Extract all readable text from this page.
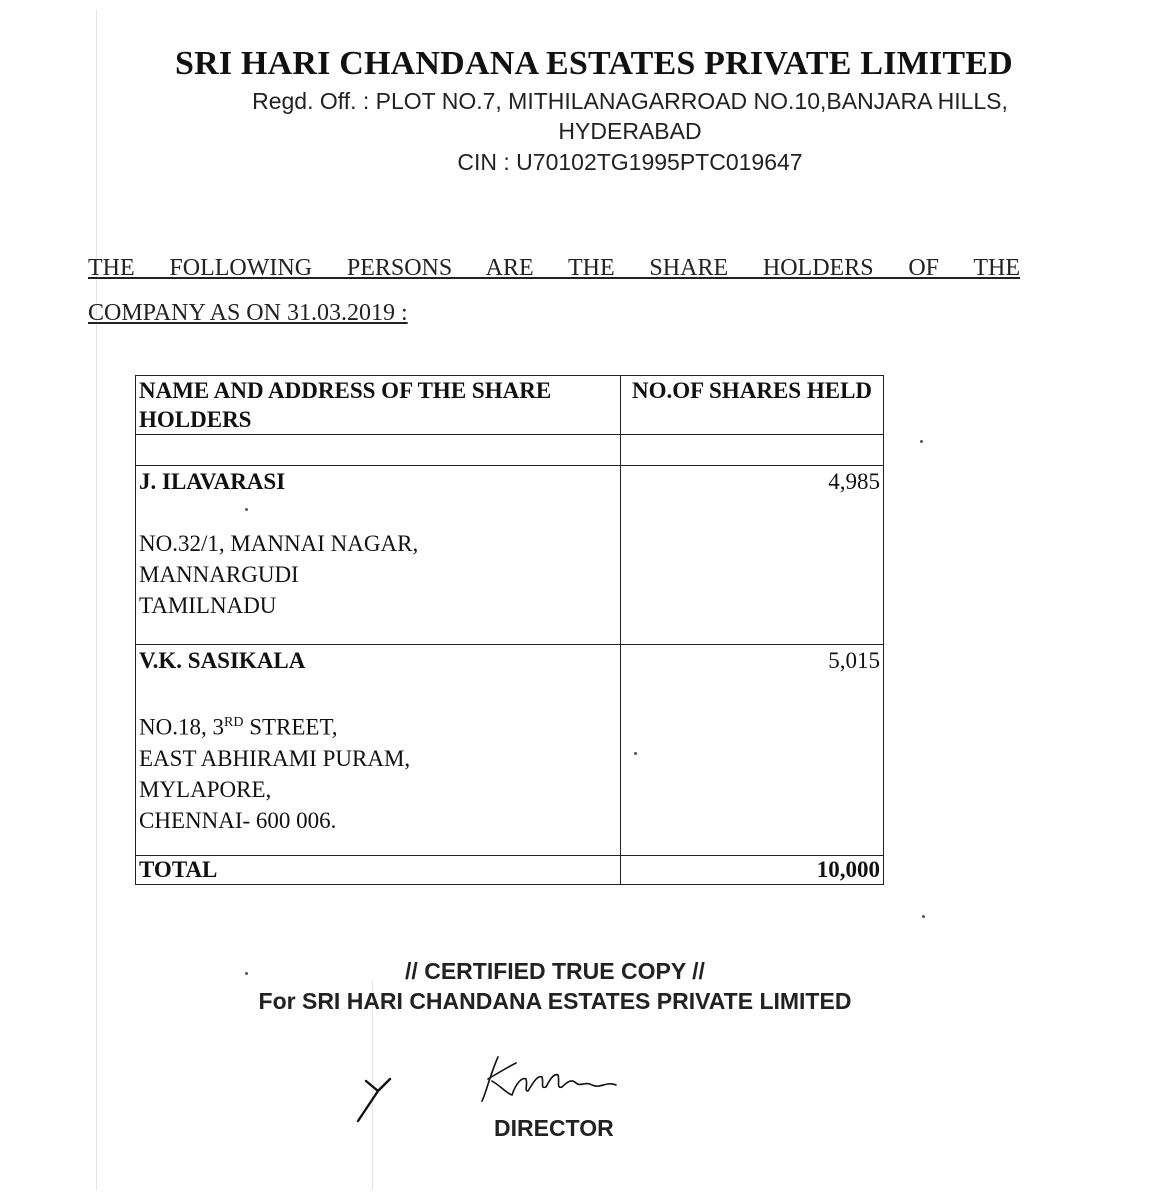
SRI HARI CHANDANA ESTATES PRIVATE LIMITED
Regd. Off. : PLOT NO.7, MITHILANAGARROAD NO.10,BANJARA HILLS,
HYDERABAD
CIN : U70102TG1995PTC019647
THE FOLLOWING PERSONS ARE THE SHARE HOLDERS OF THE
COMPANY AS ON 31.03.2019 :
NAME AND ADDRESS OF THE SHARE HOLDERS	NO.OF SHARES HELD

J. ILAVARASI
NO.32/1, MANNAI NAGAR,
MANNARGUDI
TAMILNADU	4,985

V.K. SASIKALA
NO.18, 3RD STREET,
EAST ABHIRAMI PURAM,
MYLAPORE,
CHENNAI- 600 006.	5,015
TOTAL	10,000
// CERTIFIED TRUE COPY //
For SRI HARI CHANDANA ESTATES PRIVATE LIMITED
DIRECTOR
